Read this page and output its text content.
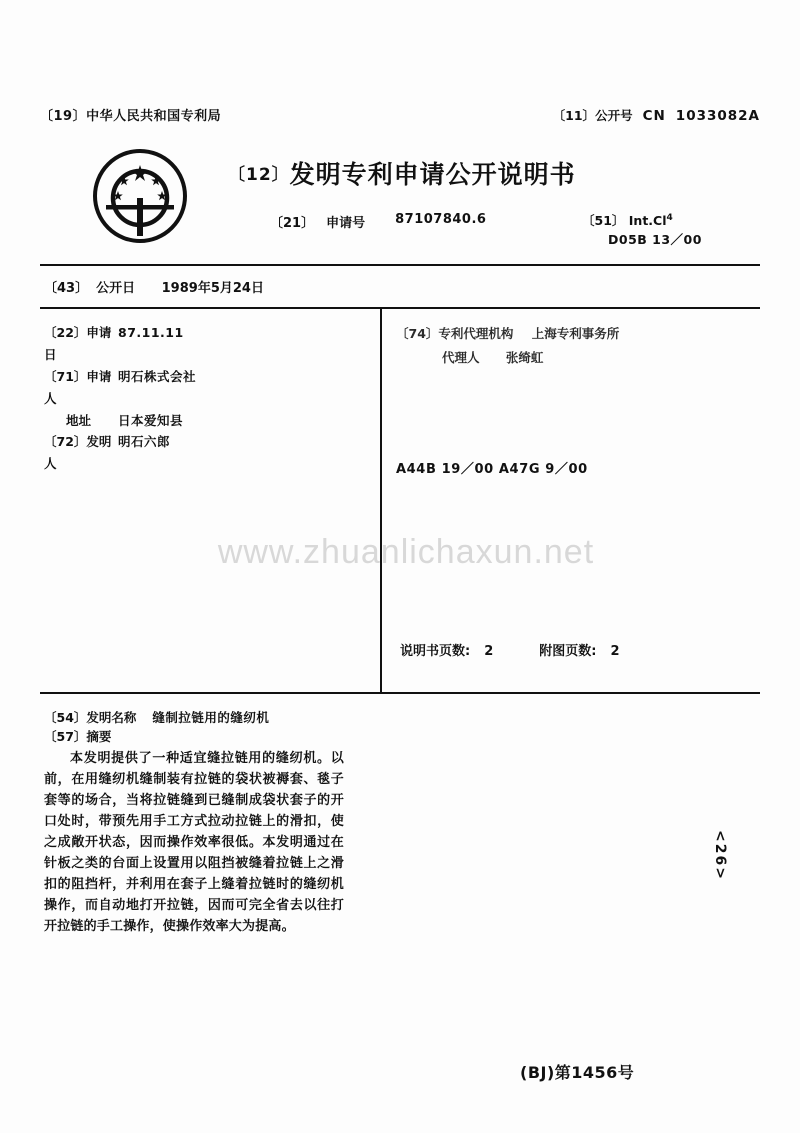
〔19〕中华人民共和国专利局	〔11〕公开号 CN 1033082A
〔12〕发明专利申请公开说明书
〔21〕 申请号 87107840.6	〔51〕 Int.Cl$^4$
D05B 13／00
〔43〕 公开日 1989年5月24日
〔22〕申请日
87.11.11
〔71〕申请人
明石株式会社
地址	日本爱知县
〔72〕发明人
明石六郎
〔74〕专利代理机构 上海专利事务所
代理人 张绮虹
A44B 19／00 A47G 9／00
www.zhuanlichaxun.net
说明书页数: 2	附图页数: 2
〔54〕发明名称 缝制拉链用的缝纫机
〔57〕摘要
本发明提供了一种适宜缝拉链用的缝纫机。以前，在用缝纫机缝制装有拉链的袋状被褥套、毯子套等的场合，当将拉链缝到已缝制成袋状套子的开口处时，带预先用手工方式拉动拉链上的滑扣，使之成敞开状态，因而操作效率很低。本发明通过在针板之类的台面上设置用以阻挡被缝着拉链上之滑扣的阻挡杆，并利用在套子上缝着拉链时的缝纫机操作，而自动地打开拉链，因而可完全省去以往打开拉链的手工操作，使操作效率大为提高。
<26>
(BJ)第1456号
